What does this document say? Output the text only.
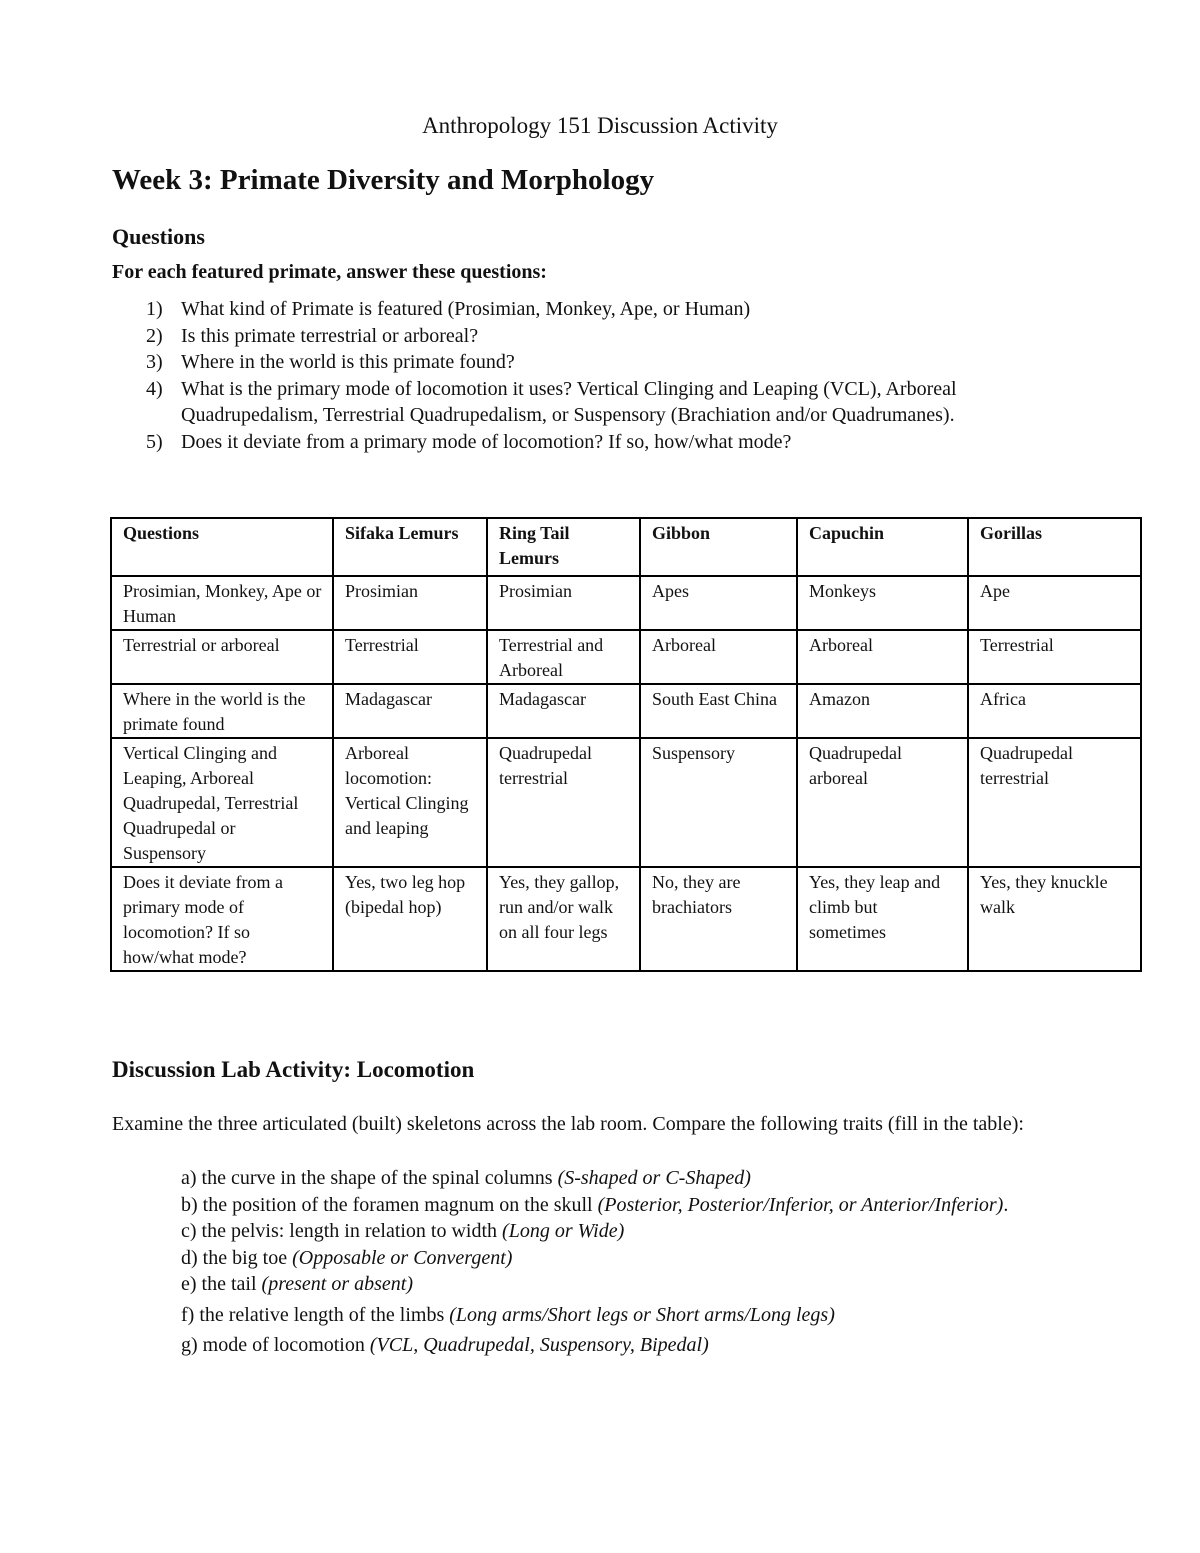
Anthropology 151 Discussion Activity
Week 3: Primate Diversity and Morphology
Questions
For each featured primate, answer these questions:
1) What kind of Primate is featured (Prosimian, Monkey, Ape, or Human)
2) Is this primate terrestrial or arboreal?
3) Where in the world is this primate found?
4) What is the primary mode of locomotion it uses? Vertical Clinging and Leaping (VCL), Arboreal Quadrupedalism, Terrestrial Quadrupedalism, or Suspensory (Brachiation and/or Quadrumanes).
5) Does it deviate from a primary mode of locomotion? If so, how/what mode?
Questions	Sifaka Lemurs	Ring Tail Lemurs	Gibbon	Capuchin	Gorillas
Prosimian, Monkey, Ape or Human	Prosimian	Prosimian	Apes	Monkeys	Ape
Terrestrial or arboreal	Terrestrial	Terrestrial and Arboreal	Arboreal	Arboreal	Terrestrial
Where in the world is the primate found	Madagascar	Madagascar	South East China	Amazon	Africa
Vertical Clinging and Leaping, Arboreal Quadrupedal, Terrestrial Quadrupedal or Suspensory	Arboreal locomotion: Vertical Clinging and leaping	Quadrupedal terrestrial	Suspensory	Quadrupedal arboreal	Quadrupedal terrestrial
Does it deviate from a primary mode of locomotion? If so how/what mode?	Yes, two leg hop (bipedal hop)	Yes, they gallop, run and/or walk on all four legs	No, they are brachiators	Yes, they leap and climb but sometimes	Yes, they knuckle walk
Discussion Lab Activity: Locomotion
Examine the three articulated (built) skeletons across the lab room. Compare the following traits (fill in the table):
a) the curve in the shape of the spinal columns (S-shaped or C-Shaped)
b) the position of the foramen magnum on the skull (Posterior, Posterior/Inferior, or Anterior/Inferior).
c) the pelvis: length in relation to width (Long or Wide)
d) the big toe (Opposable or Convergent)
e) the tail (present or absent)
f) the relative length of the limbs (Long arms/Short legs or Short arms/Long legs)
g) mode of locomotion (VCL, Quadrupedal, Suspensory, Bipedal)
